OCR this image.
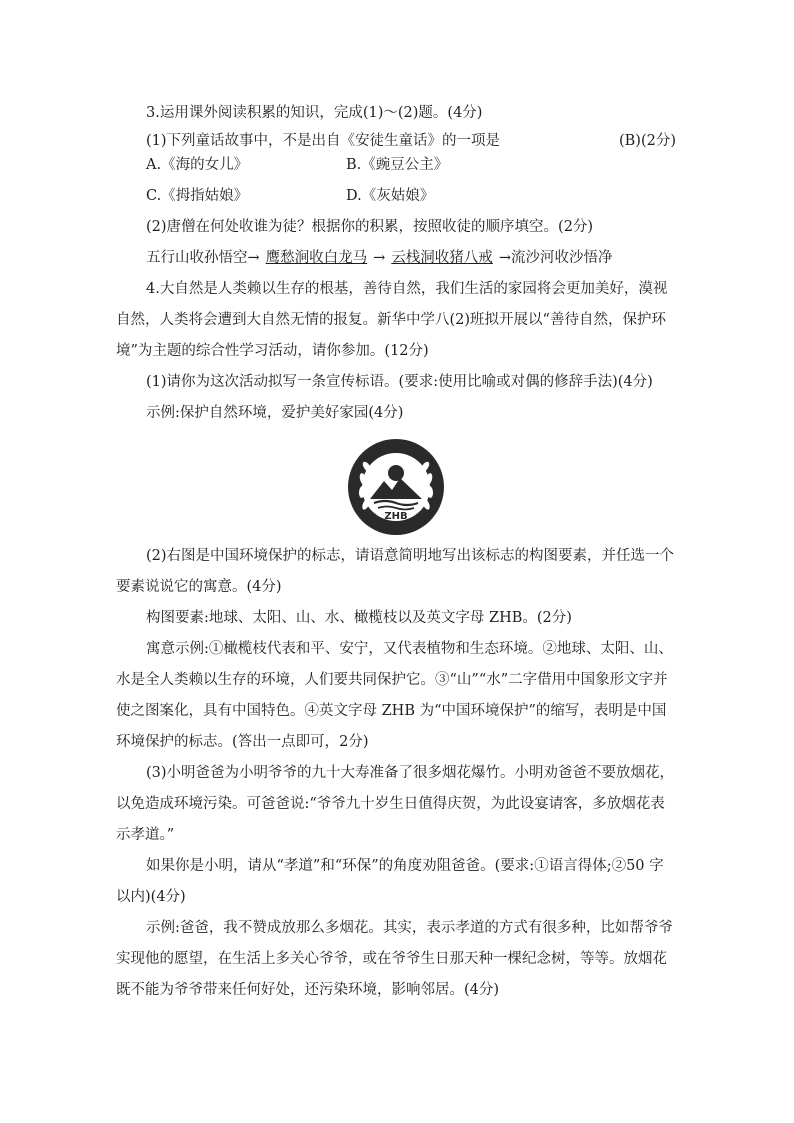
3.运用课外阅读积累的知识，完成(1)～(2)题。(4分)

(1)下列童话故事中，不是出自《安徒生童话》的一项是	(B)(2分)
A.《海的女儿》	B.《豌豆公主》
C.《拇指姑娘》	D.《灰姑娘》

(2)唐僧在何处收谁为徒？根据你的积累，按照收徒的顺序填空。(2分)

五行山收孙悟空→ 鹰愁涧收白龙马 → 云栈洞收猪八戒 →流沙河收沙悟净

4.大自然是人类赖以生存的根基，善待自然，我们生活的家园将会更加美好，漠视自然，人类将会遭到大自然无情的报复。新华中学八(2)班拟开展以“善待自然，保护环境”为主题的综合性学习活动，请你参加。(12分)

(1)请你为这次活动拟写一条宣传标语。(要求:使用比喻或对偶的修辞手法)(4分)

示例:保护自然环境，爱护美好家园(4分)

ZHB

(2)右图是中国环境保护的标志，请语意简明地写出该标志的构图要素，并任选一个要素说说它的寓意。(4分)

构图要素:地球、太阳、山、水、橄榄枝以及英文字母 ZHB。(2分)

寓意示例:①橄榄枝代表和平、安宁，又代表植物和生态环境。②地球、太阳、山、水是全人类赖以生存的环境，人们要共同保护它。③“山”“水”二字借用中国象形文字并使之图案化，具有中国特色。④英文字母 ZHB 为“中国环境保护”的缩写，表明是中国环境保护的标志。(答出一点即可，2分)

(3)小明爸爸为小明爷爷的九十大寿准备了很多烟花爆竹。小明劝爸爸不要放烟花，以免造成环境污染。可爸爸说:“爷爷九十岁生日值得庆贺，为此设宴请客，多放烟花表示孝道。”

如果你是小明，请从“孝道”和“环保”的角度劝阻爸爸。(要求:①语言得体;②50 字以内)(4分)

示例:爸爸，我不赞成放那么多烟花。其实，表示孝道的方式有很多种，比如帮爷爷实现他的愿望，在生活上多关心爷爷，或在爷爷生日那天种一棵纪念树，等等。放烟花既不能为爷爷带来任何好处，还污染环境，影响邻居。(4分)
